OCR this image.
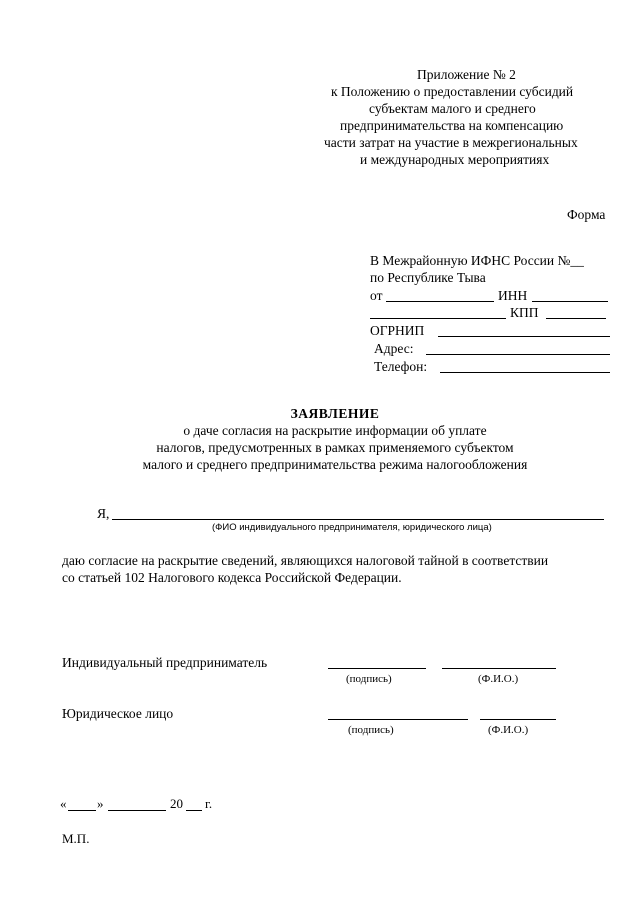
Приложение № 2
к Положению о предоставлении субсидий
субъектам малого и среднего
предпринимательства на компенсацию
части затрат на участие в межрегиональных
и международных мероприятиях
Форма
В Межрайонную ИФНС России №__
по Республике Тыва
от	ИНН
КПП
ОГРНИП
Адрес:
Телефон:
ЗАЯВЛЕНИЕ
о даче согласия на раскрытие информации об уплате
налогов, предусмотренных в рамках применяемого субъектом
малого и среднего предпринимательства режима налогообложения
Я,
(ФИО индивидуального предпринимателя, юридического лица)
даю согласие на раскрытие сведений, являющихся налоговой тайной в соответствии
со статьей 102 Налогового кодекса Российской Федерации.
Индивидуальный предприниматель
(подпись)	(Ф.И.О.)
Юридическое лицо
(подпись)	(Ф.И.О.)
« »	20 г.
М.П.
